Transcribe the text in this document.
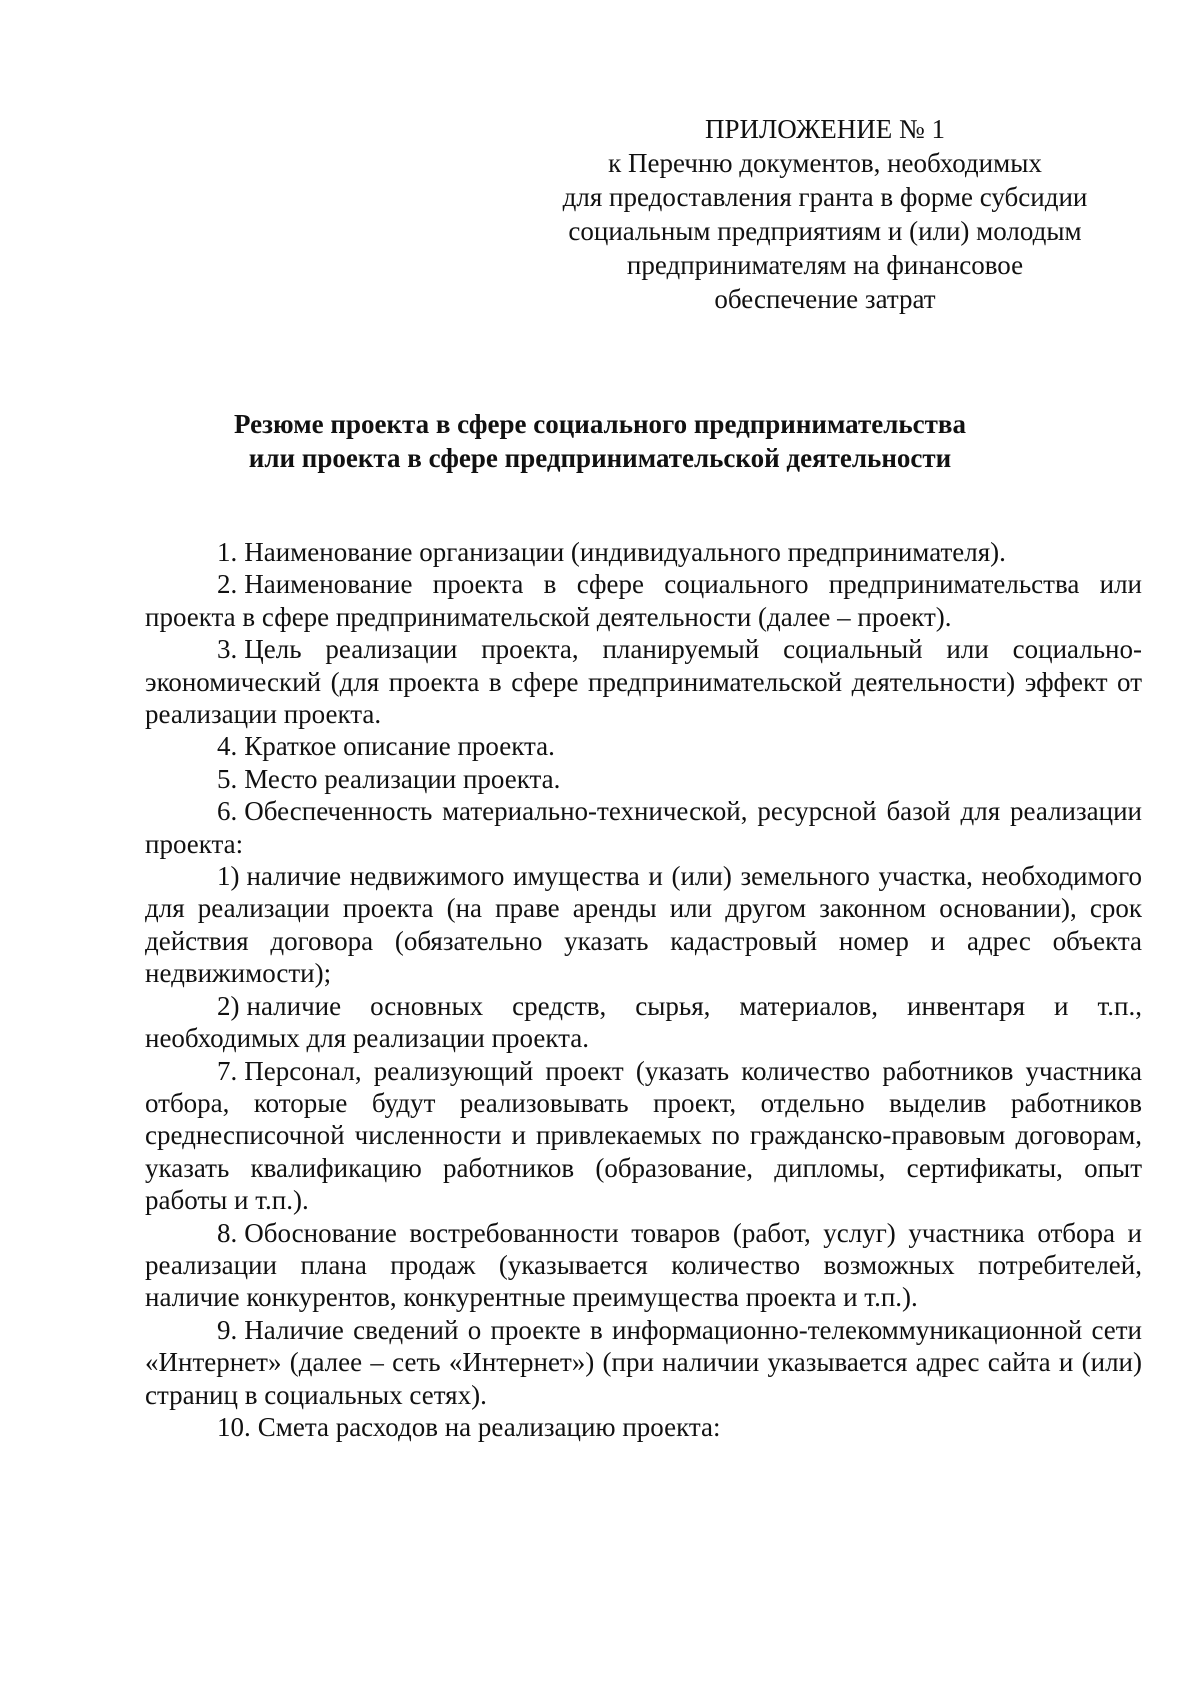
ПРИЛОЖЕНИЕ № 1
к Перечню документов, необходимых
для предоставления гранта в форме субсидии
социальным предприятиям и (или) молодым
предпринимателям на финансовое
обеспечение затрат
Резюме проекта в сфере социального предпринимательства
или проекта в сфере предпринимательской деятельности

1. Наименование организации (индивидуального предпринимателя).

2. Наименование проекта в сфере социального предпринимательства или проекта в сфере предпринимательской деятельности (далее – проект).

3. Цель реализации проекта, планируемый социальный или социально-экономический (для проекта в сфере предпринимательской деятельности) эффект от реализации проекта.

4. Краткое описание проекта.

5. Место реализации проекта.

6. Обеспеченность материально-технической, ресурсной базой для реализации проекта:

1) наличие недвижимого имущества и (или) земельного участка, необходимого для реализации проекта (на праве аренды или другом законном основании), срок действия договора (обязательно указать кадастровый номер и адрес объекта недвижимости);

2) наличие основных средств, сырья, материалов, инвентаря и т.п., необходимых для реализации проекта.

7. Персонал, реализующий проект (указать количество работников участника отбора, которые будут реализовывать проект, отдельно выделив работников среднесписочной численности и привлекаемых по гражданско-правовым договорам, указать квалификацию работников (образование, дипломы, сертификаты, опыт работы и т.п.).

8. Обоснование востребованности товаров (работ, услуг) участника отбора и реализации плана продаж (указывается количество возможных потребителей, наличие конкурентов, конкурентные преимущества проекта и т.п.).

9. Наличие сведений о проекте в информационно-телекоммуникационной сети «Интернет» (далее – сеть «Интернет») (при наличии указывается адрес сайта и (или) страниц в социальных сетях).

10. Смета расходов на реализацию проекта:
